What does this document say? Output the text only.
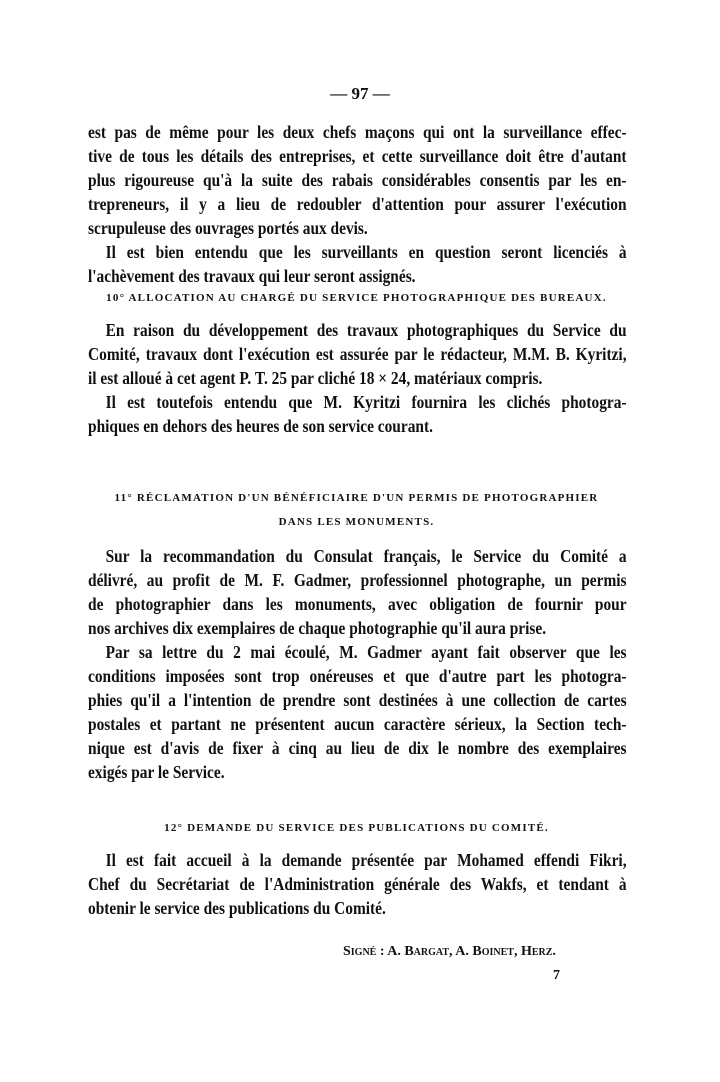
— 97 —
est pas de même pour les deux chefs maçons qui ont la surveillance effec-
tive de tous les détails des entreprises, et cette surveillance doit être d'autant
plus rigoureuse qu'à la suite des rabais considérables consentis par les en-
trepreneurs, il y a lieu de redoubler d'attention pour assurer l'exécution
scrupuleuse des ouvrages portés aux devis.
Il est bien entendu que les surveillants en question seront licenciés à
l'achèvement des travaux qui leur seront assignés.
10° ALLOCATION AU CHARGÉ DU SERVICE PHOTOGRAPHIQUE DES BUREAUX.
En raison du développement des travaux photographiques du Service du
Comité, travaux dont l'exécution est assurée par le rédacteur, M.M. B. Kyritzi,
il est alloué à cet agent P. T. 25 par cliché 18 × 24, matériaux compris.
Il est toutefois entendu que M. Kyritzi fournira les clichés photogra-
phiques en dehors des heures de son service courant.
11° RÉCLAMATION D'UN BÉNÉFICIAIRE D'UN PERMIS DE PHOTOGRAPHIER
DANS LES MONUMENTS.
Sur la recommandation du Consulat français, le Service du Comité a
délivré, au profit de M. F. Gadmer, professionnel photographe, un permis
de photographier dans les monuments, avec obligation de fournir pour
nos archives dix exemplaires de chaque photographie qu'il aura prise.
Par sa lettre du 2 mai écoulé, M. Gadmer ayant fait observer que les
conditions imposées sont trop onéreuses et que d'autre part les photogra-
phies qu'il a l'intention de prendre sont destinées à une collection de cartes
postales et partant ne présentent aucun caractère sérieux, la Section tech-
nique est d'avis de fixer à cinq au lieu de dix le nombre des exemplaires
exigés par le Service.
12° DEMANDE DU SERVICE DES PUBLICATIONS DU COMITÉ.
Il est fait accueil à la demande présentée par Mohamed effendi Fikri,
Chef du Secrétariat de l'Administration générale des Wakfs, et tendant à
obtenir le service des publications du Comité.
Signé : A. Bargat, A. Boinet, Herz.
7
